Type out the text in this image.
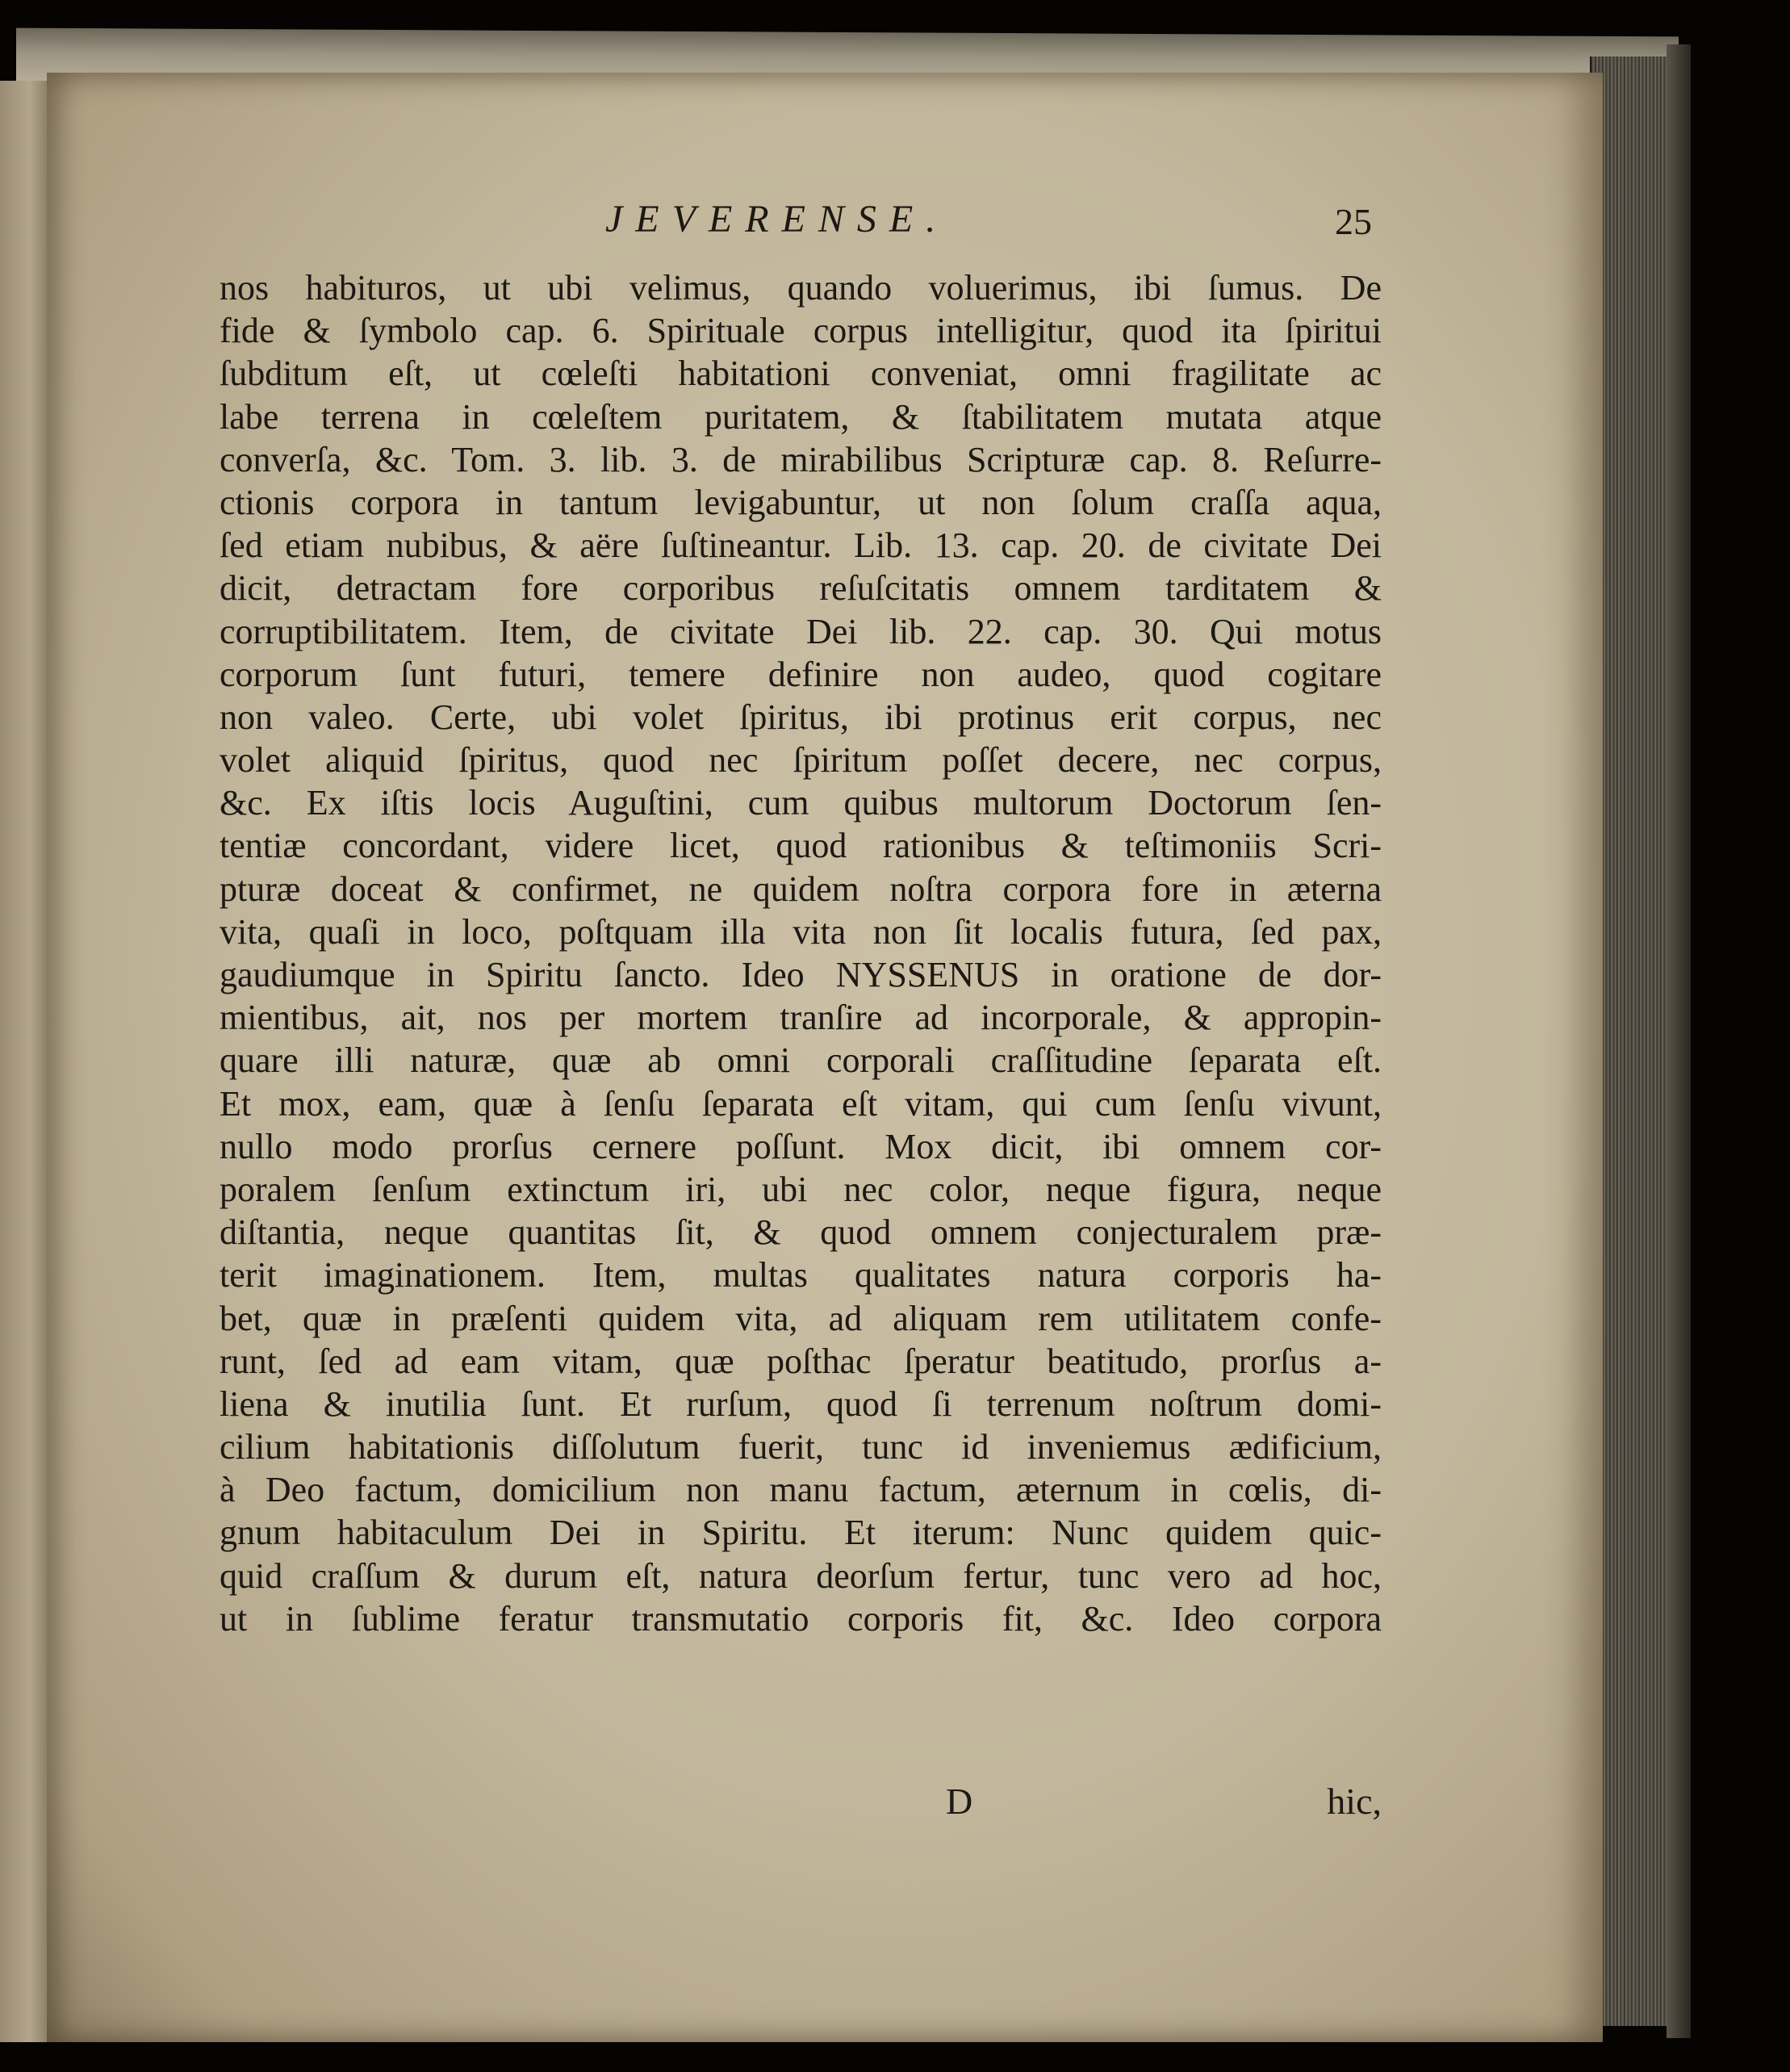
JEVERENSE.	25
nos habituros, ut ubi velimus, quando voluerimus, ibi ſumus. De
fide & ſymbolo cap. 6. Spirituale corpus intelligitur, quod ita ſpiritui
ſubditum eſt, ut cœleſti habitationi conveniat, omni fragilitate ac
labe terrena in cœleſtem puritatem, & ſtabilitatem mutata atque
converſa, &c. Tom. 3. lib. 3. de mirabilibus Scripturæ cap. 8. Reſurre-
ctionis corpora in tantum levigabuntur, ut non ſolum craſſa aqua,
ſed etiam nubibus, & aëre ſuſtineantur. Lib. 13. cap. 20. de civitate Dei
dicit, detractam fore corporibus reſuſcitatis omnem tarditatem &
corruptibilitatem. Item, de civitate Dei lib. 22. cap. 30. Qui motus
corporum ſunt futuri, temere definire non audeo, quod cogitare
non valeo. Certe, ubi volet ſpiritus, ibi protinus erit corpus, nec
volet aliquid ſpiritus, quod nec ſpiritum poſſet decere, nec corpus,
&c. Ex iſtis locis Auguſtini, cum quibus multorum Doctorum ſen-
tentiæ concordant, videre licet, quod rationibus & teſtimoniis Scri-
pturæ doceat & confirmet, ne quidem noſtra corpora fore in æterna
vita, quaſi in loco, poſtquam illa vita non ſit localis futura, ſed pax,
gaudiumque in Spiritu ſancto. Ideo NYSSENUS in oratione de dor-
mientibus, ait, nos per mortem tranſire ad incorporale, & appropin-
quare illi naturæ, quæ ab omni corporali craſſitudine ſeparata eſt.
Et mox, eam, quæ à ſenſu ſeparata eſt vitam, qui cum ſenſu vivunt,
nullo modo prorſus cernere poſſunt. Mox dicit, ibi omnem cor-
poralem ſenſum extinctum iri, ubi nec color, neque figura, neque
diſtantia, neque quantitas ſit, & quod omnem conjecturalem præ-
terit imaginationem. Item, multas qualitates natura corporis ha-
bet, quæ in præſenti quidem vita, ad aliquam rem utilitatem confe-
runt, ſed ad eam vitam, quæ poſthac ſperatur beatitudo, prorſus a-
liena & inutilia ſunt. Et rurſum, quod ſi terrenum noſtrum domi-
cilium habitationis diſſolutum fuerit, tunc id inveniemus ædificium,
à Deo factum, domicilium non manu factum, æternum in cœlis, di-
gnum habitaculum Dei in Spiritu. Et iterum: Nunc quidem quic-
quid craſſum & durum eſt, natura deorſum fertur, tunc vero ad hoc,
ut in ſublime feratur transmutatio corporis fit, &c. Ideo corpora
D	hic,
